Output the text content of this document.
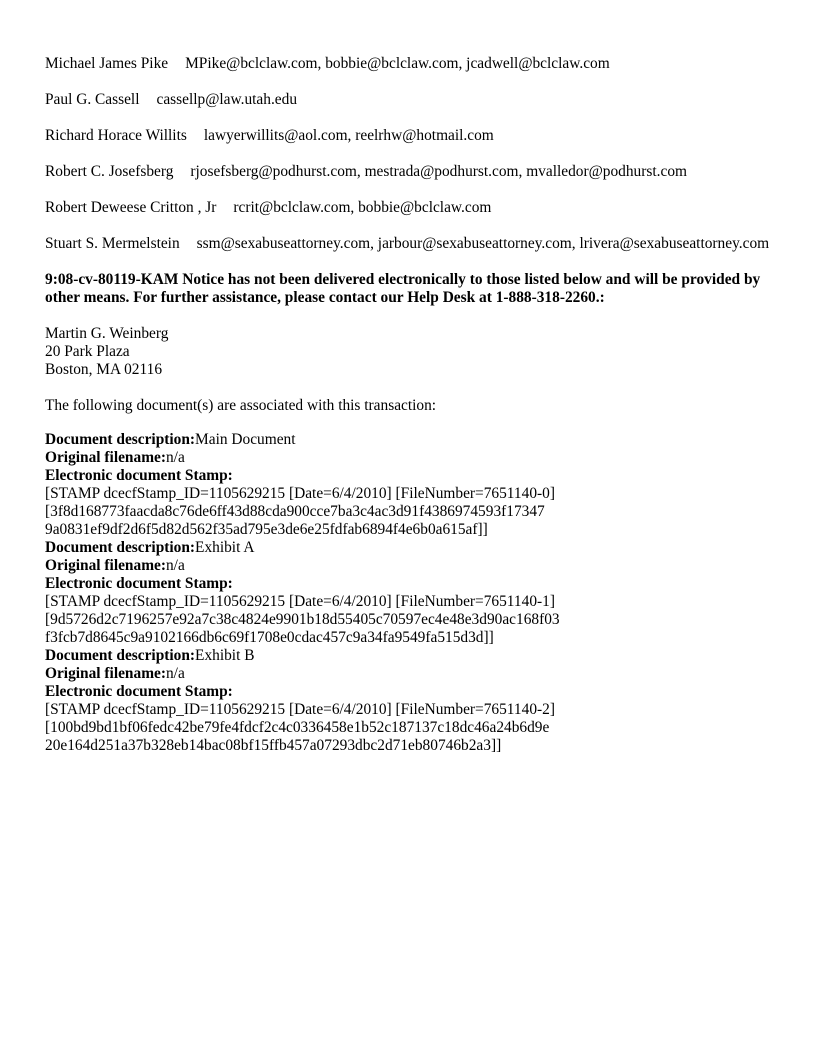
Michael James Pike MPike@bclclaw.com, bobbie@bclclaw.com, jcadwell@bclclaw.com
Paul G. Cassell cassellp@law.utah.edu
Richard Horace Willits lawyerwillits@aol.com, reelrhw@hotmail.com
Robert C. Josefsberg rjosefsberg@podhurst.com, mestrada@podhurst.com, mvalledor@podhurst.com
Robert Deweese Critton , Jr rcrit@bclclaw.com, bobbie@bclclaw.com
Stuart S. Mermelstein ssm@sexabuseattorney.com, jarbour@sexabuseattorney.com, lrivera@sexabuseattorney.com
9:08-cv-80119-KAM Notice has not been delivered electronically to those listed below and will be provided by other means. For further assistance, please contact our Help Desk at 1-888-318-2260.:
Martin G. Weinberg
20 Park Plaza
Boston, MA 02116
The following document(s) are associated with this transaction:
Document description:Main Document
Original filename:n/a
Electronic document Stamp:
[STAMP dcecfStamp_ID=1105629215 [Date=6/4/2010] [FileNumber=7651140-0]
[3f8d168773faacda8c76de6ff43d88cda900cce7ba3c4ac3d91f4386974593f17347
9a0831ef9df2d6f5d82d562f35ad795e3de6e25fdfab6894f4e6b0a615af]]
Document description:Exhibit A
Original filename:n/a
Electronic document Stamp:
[STAMP dcecfStamp_ID=1105629215 [Date=6/4/2010] [FileNumber=7651140-1]
[9d5726d2c7196257e92a7c38c4824e9901b18d55405c70597ec4e48e3d90ac168f03
f3fcb7d8645c9a9102166db6c69f1708e0cdac457c9a34fa9549fa515d3d]]
Document description:Exhibit B
Original filename:n/a
Electronic document Stamp:
[STAMP dcecfStamp_ID=1105629215 [Date=6/4/2010] [FileNumber=7651140-2]
[100bd9bd1bf06fedc42be79fe4fdcf2c4c0336458e1b52c187137c18dc46a24b6d9e
20e164d251a37b328eb14bac08bf15ffb457a07293dbc2d71eb80746b2a3]]
